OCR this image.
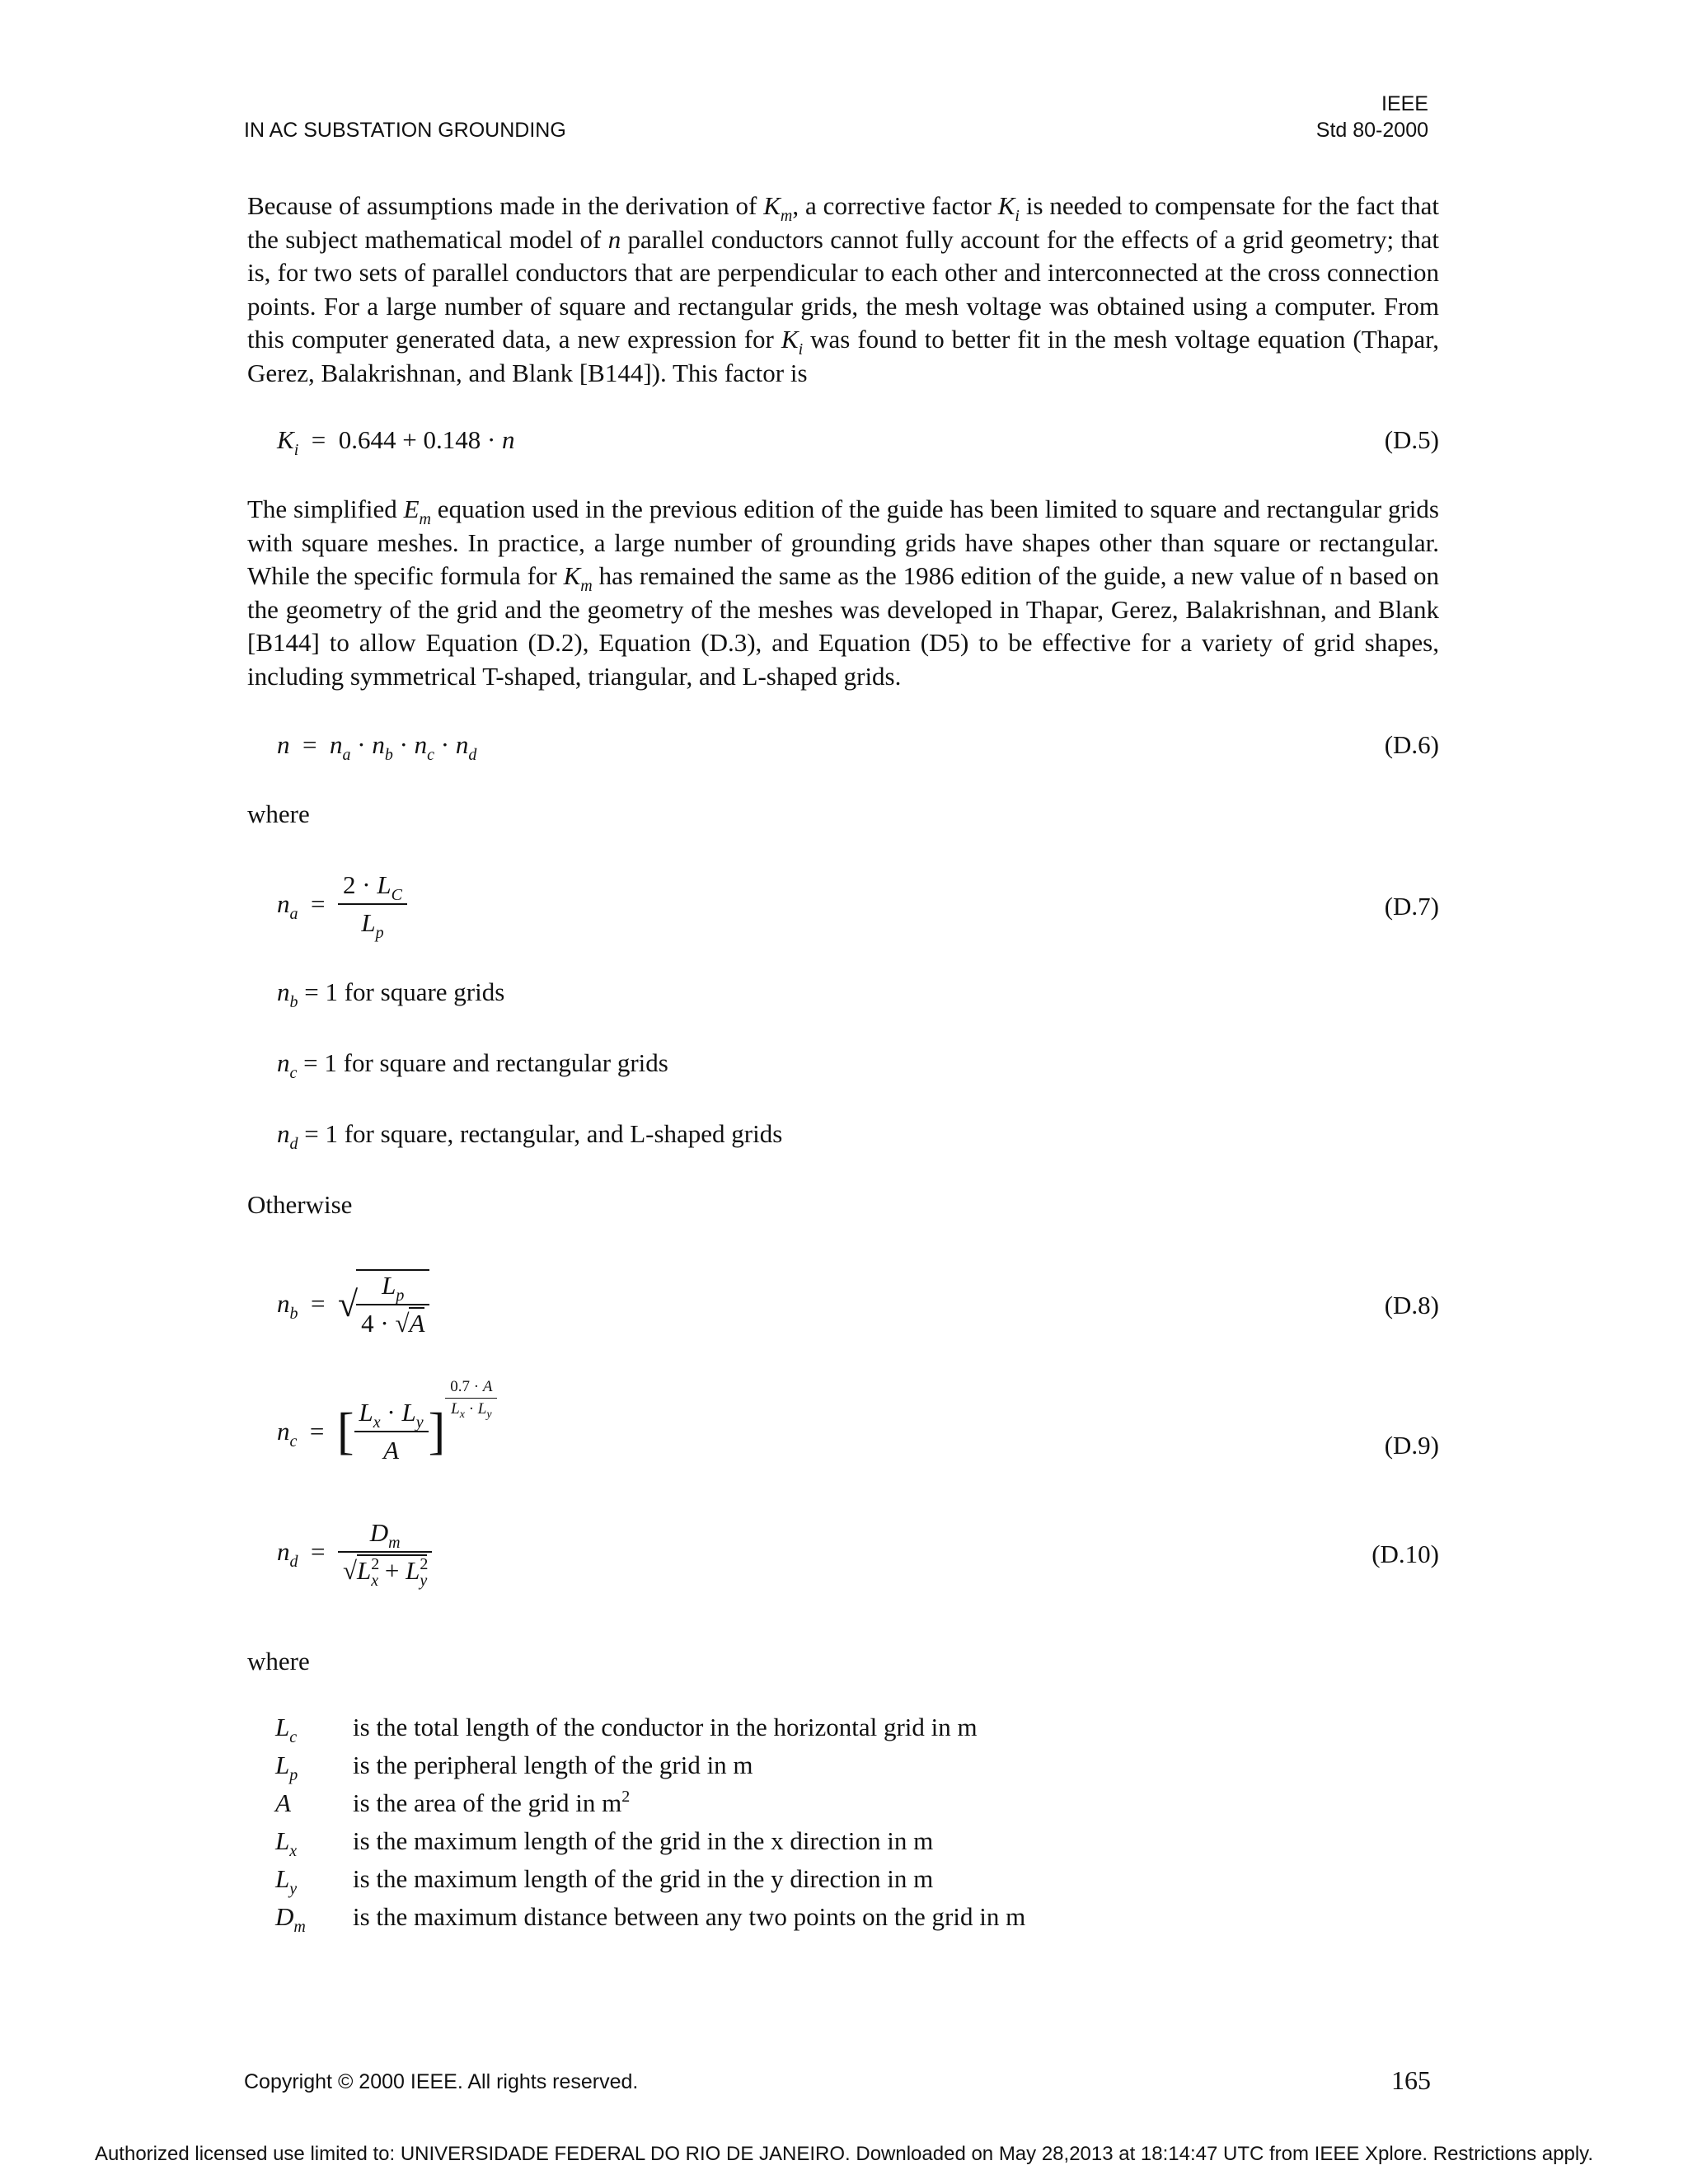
IN AC SUBSTATION GROUNDING
IEEE
Std 80-2000

Because of assumptions made in the derivation of $K_m$, a corrective factor $K_i$ is needed to compensate for the fact that the subject mathematical model of n parallel conductors cannot fully account for the effects of a grid geometry; that is, for two sets of parallel conductors that are perpendicular to each other and interconnected at the cross connection points. For a large number of square and rectangular grids, the mesh voltage was obtained using a computer. From this computer generated data, a new expression for $K_i$ was found to better fit in the mesh voltage equation (Thapar, Gerez, Balakrishnan, and Blank [B144]). This factor is

$K_i = 0.644 + 0.148 \cdot n$	(D.5)

The simplified $E_m$ equation used in the previous edition of the guide has been limited to square and rectangular grids with square meshes. In practice, a large number of grounding grids have shapes other than square or rectangular. While the specific formula for $K_m$ has remained the same as the 1986 edition of the guide, a new value of n based on the geometry of the grid and the geometry of the meshes was developed in Thapar, Gerez, Balakrishnan, and Blank [B144] to allow Equation (D.2), Equation (D.3), and Equation (D5) to be effective for a variety of grid shapes, including symmetrical T-shaped, triangular, and L-shaped grids.

$n = n_a \cdot n_b \cdot n_c \cdot n_d$	(D.6)
where
$n_a = \frac{2 \cdot L_C}{L_p}$	(D.7)
$n_b = 1$ for square grids
$n_c = 1$ for square and rectangular grids
$n_d = 1$ for square, rectangular, and L-shaped grids
Otherwise
$n_b$ = √
$\frac{L_p}{4 \cdot √A}$	(D.8)
$n_c$ = [ $\frac{L_x \cdot L_y}{A}$ ]
$\frac{0.7 \cdot A}{L_x \cdot L_y}$
(D.9)
$n_d = \frac{D_m}{√L^2_x + L^2_y}$	(D.10)
where
$L_c$ is the total length of the conductor in the horizontal grid in m
$L_p$ is the peripheral length of the grid in m
A is the area of the grid in $m^2$
$L_x$ is the maximum length of the grid in the x direction in m
$L_y$ is the maximum length of the grid in the y direction in m
$D_m$ is the maximum distance between any two points on the grid in m
Copyright © 2000 IEEE. All rights reserved.	165
Authorized licensed use limited to: UNIVERSIDADE FEDERAL DO RIO DE JANEIRO. Downloaded on May 28,2013 at 18:14:47 UTC from IEEE Xplore. Restrictions apply.
